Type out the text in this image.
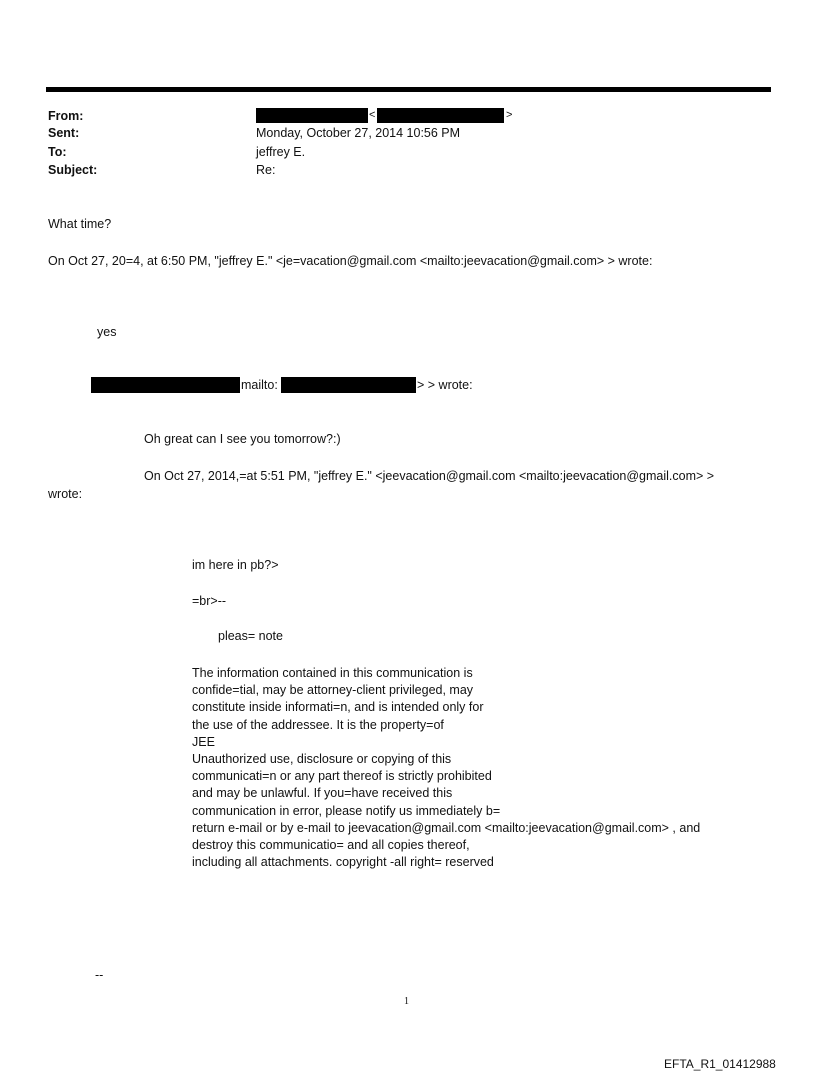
From:
Sent:
To:
Subject:
<	>
Monday, October 27, 2014 10:56 PM
jeffrey E.
Re:
What time?
On Oct 27, 20=4, at 6:50 PM, "jeffrey E." <je=vacation@gmail.com <mailto:jeevacation@gmail.com> > wrote:
yes
mailto:	> > wrote:
Oh great can I see you tomorrow?:)
On Oct 27, 2014,=at 5:51 PM, "jeffrey E." <jeevacation@gmail.com <mailto:jeevacation@gmail.com> >
wrote:
im here in pb?>
=br>--
pleas= note
The information contained in this communication is
confide=tial, may be attorney-client privileged, may
constitute inside informati=n, and is intended only for
the use of the addressee. It is the property=of
JEE
Unauthorized use, disclosure or copying of this
communicati=n or any part thereof is strictly prohibited
and may be unlawful. If you=have received this
communication in error, please notify us immediately b=
return e-mail or by e-mail to jeevacation@gmail.com <mailto:jeevacation@gmail.com> , and
destroy this communicatio= and all copies thereof,
including all attachments. copyright -all right= reserved
--
1
EFTA_R1_01412988
